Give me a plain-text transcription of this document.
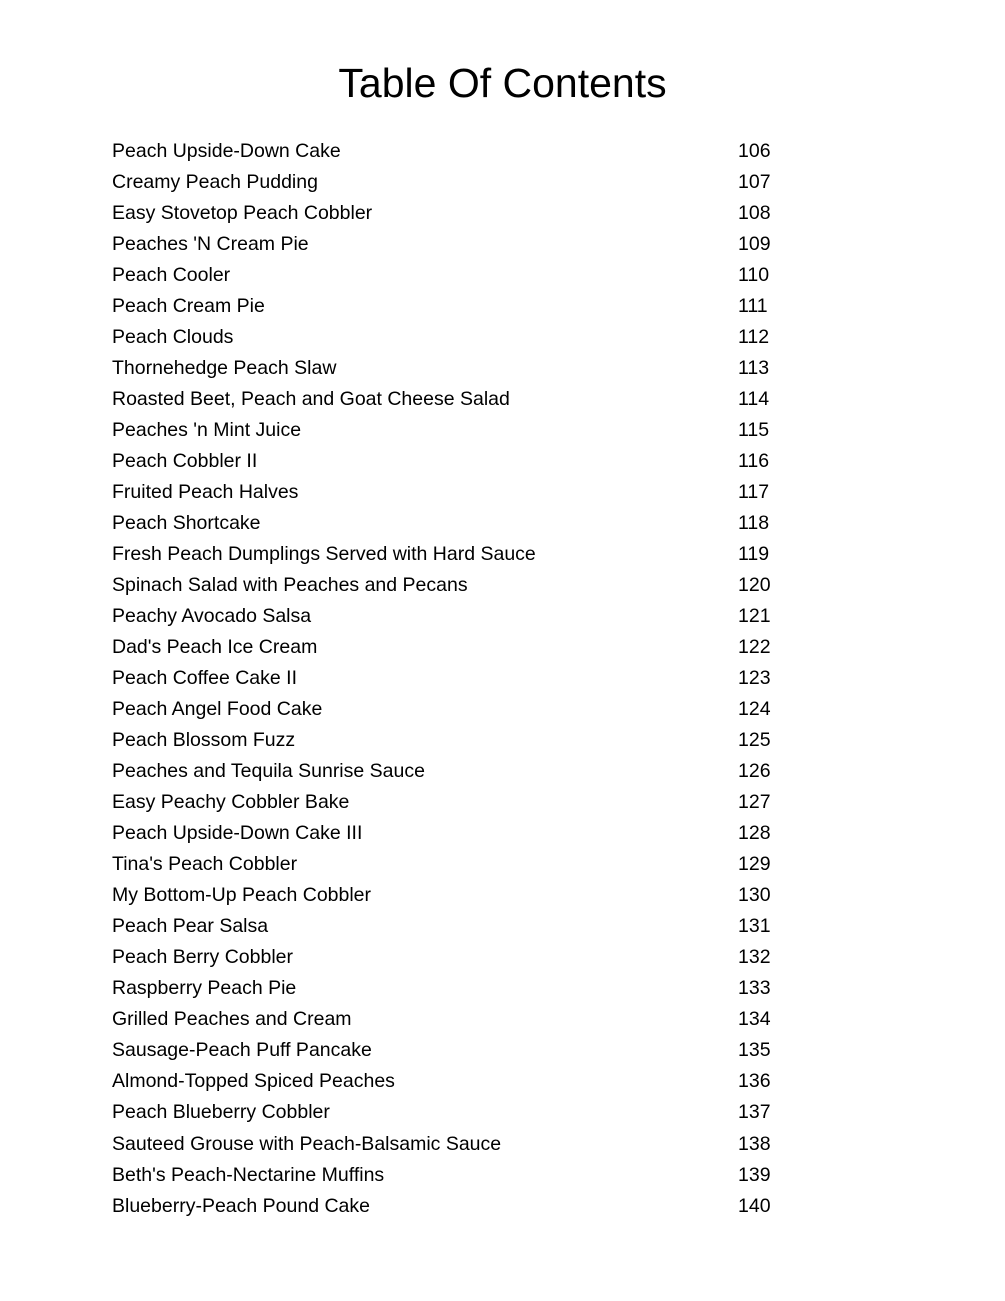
Table Of Contents
Peach Upside-Down Cake	106
Creamy Peach Pudding	107
Easy Stovetop Peach Cobbler	108
Peaches 'N Cream Pie	109
Peach Cooler	110
Peach Cream Pie	111
Peach Clouds	112
Thornehedge Peach Slaw	113
Roasted Beet, Peach and Goat Cheese Salad	114
Peaches 'n Mint Juice	115
Peach Cobbler II	116
Fruited Peach Halves	117
Peach Shortcake	118
Fresh Peach Dumplings Served with Hard Sauce	119
Spinach Salad with Peaches and Pecans	120
Peachy Avocado Salsa	121
Dad's Peach Ice Cream	122
Peach Coffee Cake II	123
Peach Angel Food Cake	124
Peach Blossom Fuzz	125
Peaches and Tequila Sunrise Sauce	126
Easy Peachy Cobbler Bake	127
Peach Upside-Down Cake III	128
Tina's Peach Cobbler	129
My Bottom-Up Peach Cobbler	130
Peach Pear Salsa	131
Peach Berry Cobbler	132
Raspberry Peach Pie	133
Grilled Peaches and Cream	134
Sausage-Peach Puff Pancake	135
Almond-Topped Spiced Peaches	136
Peach Blueberry Cobbler	137
Sauteed Grouse with Peach-Balsamic Sauce	138
Beth's Peach-Nectarine Muffins	139
Blueberry-Peach Pound Cake	140
